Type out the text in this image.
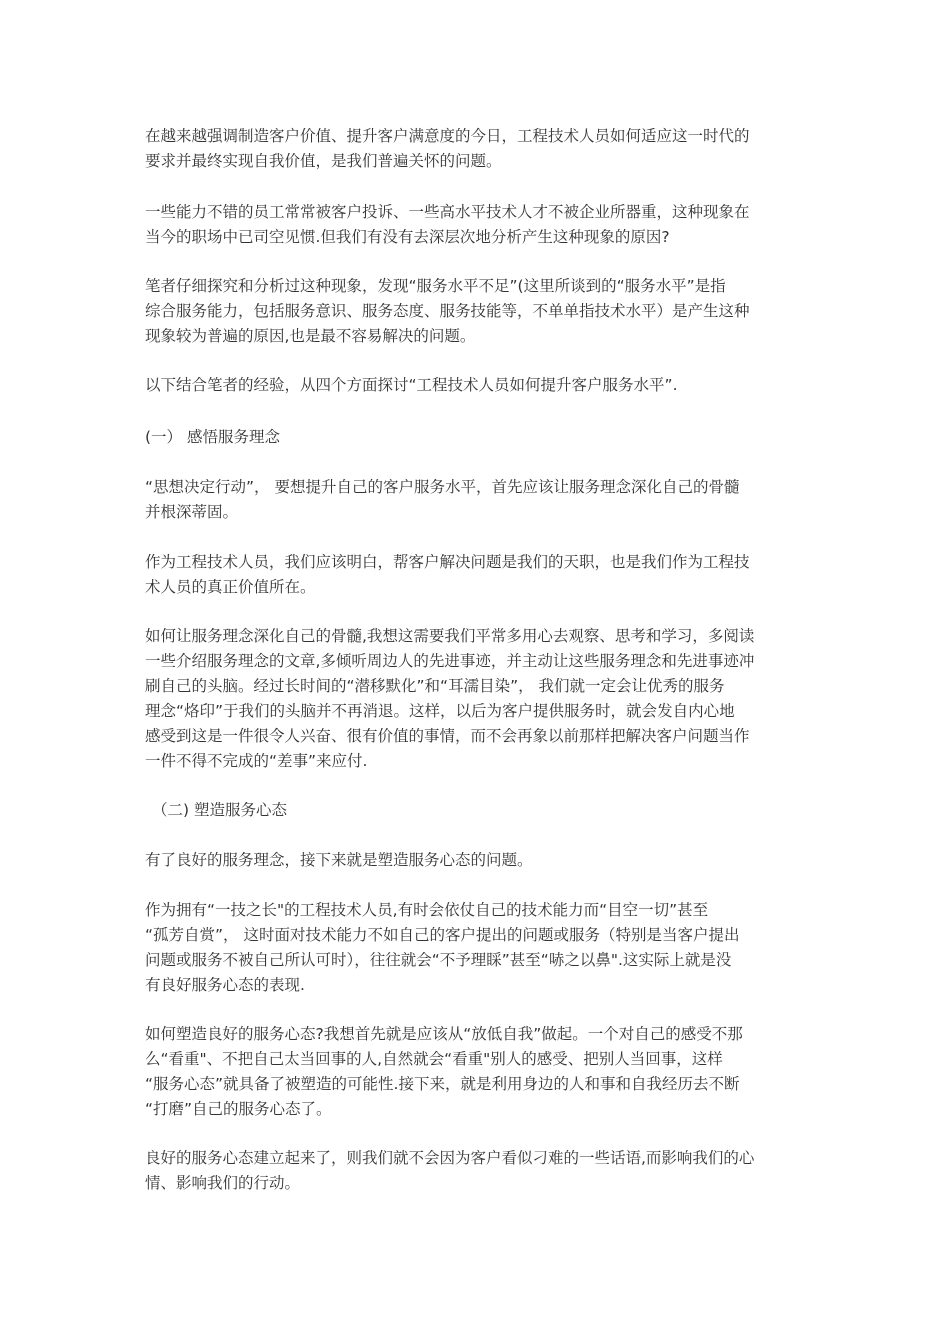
在越来越强调制造客户价值、提升客户满意度的今日，工程技术人员如何适应这一时代的
要求并最终实现自我价值，是我们普遍关怀的问题。

一些能力不错的员工常常被客户投诉、一些高水平技术人才不被企业所器重，这种现象在
当今的职场中已司空见惯.但我们有没有去深层次地分析产生这种现象的原因?

笔者仔细探究和分析过这种现象，发现“服务水平不足”(这里所谈到的“服务水平”是指
综合服务能力，包括服务意识、服务态度、服务技能等，不单单指技术水平）是产生这种
现象较为普遍的原因,也是最不容易解决的问题。

以下结合笔者的经验，从四个方面探讨“工程技术人员如何提升客户服务水平”.

(一） 感悟服务理念

“思想决定行动”， 要想提升自己的客户服务水平，首先应该让服务理念深化自己的骨髓
并根深蒂固。

作为工程技术人员，我们应该明白，帮客户解决问题是我们的天职，也是我们作为工程技
术人员的真正价值所在。

如何让服务理念深化自己的骨髓,我想这需要我们平常多用心去观察、思考和学习，多阅读
一些介绍服务理念的文章,多倾听周边人的先进事迹，并主动让这些服务理念和先进事迹冲
刷自己的头脑。经过长时间的“潜移默化”和“耳濡目染”， 我们就一定会让优秀的服务
理念“烙印”于我们的头脑并不再消退。这样，以后为客户提供服务时，就会发自内心地
感受到这是一件很令人兴奋、很有价值的事情，而不会再象以前那样把解决客户问题当作
一件不得不完成的“差事”来应付.

（二) 塑造服务心态

有了良好的服务理念，接下来就是塑造服务心态的问题。

作为拥有“一技之长"的工程技术人员,有时会依仗自己的技术能力而“目空一切”甚至
“孤芳自赏”， 这时面对技术能力不如自己的客户提出的问题或服务（特别是当客户提出
问题或服务不被自己所认可时），往往就会“不予理睬”甚至“哧之以鼻".这实际上就是没
有良好服务心态的表现.

如何塑造良好的服务心态?我想首先就是应该从“放低自我”做起。一个对自己的感受不那
么“看重"、不把自己太当回事的人,自然就会“看重"别人的感受、把别人当回事，这样
“服务心态”就具备了被塑造的可能性.接下来，就是利用身边的人和事和自我经历去不断
“打磨”自己的服务心态了。

良好的服务心态建立起来了，则我们就不会因为客户看似刁难的一些话语,而影响我们的心
情、影响我们的行动。
